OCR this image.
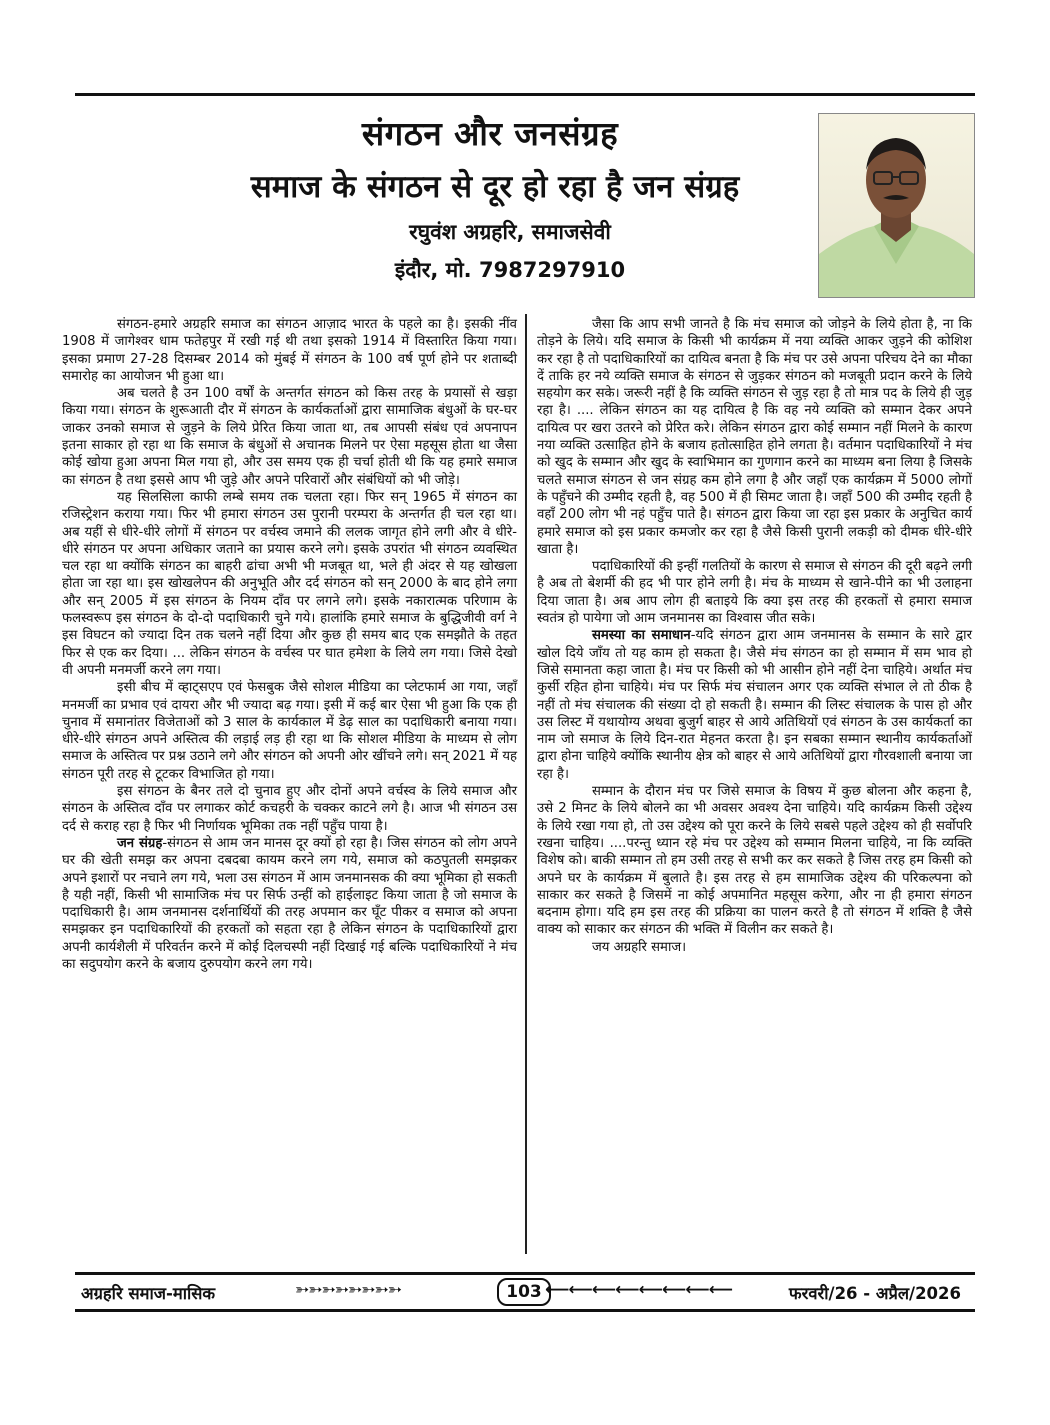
संगठन और जनसंग्रह
समाज के संगठन से दूर हो रहा है जन संग्रह
रघुवंश अग्रहरि, समाजसेवी
इंदौर, मो. 7987297910

संगठन-हमारे अग्रहरि समाज का संगठन आज़ाद भारत के पहले का है। इसकी नींव 1908 में जागेश्वर धाम फतेहपुर में रखी गई थी तथा इसको 1914 में विस्तारित किया गया। इसका प्रमाण 27-28 दिसम्बर 2014 को मुंबई में संगठन के 100 वर्ष पूर्ण होने पर शताब्दी समारोह का आयोजन भी हुआ था।

अब चलते है उन 100 वर्षों के अन्तर्गत संगठन को किस तरह के प्रयासों से खड़ा किया गया। संगठन के शुरूआती दौर में संगठन के कार्यकर्ताओं द्वारा सामाजिक बंधुओं के घर-घर जाकर उनको समाज से जुड़ने के लिये प्रेरित किया जाता था, तब आपसी संबंध एवं अपनापन इतना साकार हो रहा था कि समाज के बंधुओं से अचानक मिलने पर ऐसा महसूस होता था जैसा कोई खोया हुआ अपना मिल गया हो, और उस समय एक ही चर्चा होती थी कि यह हमारे समाज का संगठन है तथा इससे आप भी जुड़े और अपने परिवारों और संबंधियों को भी जोड़े।

यह सिलसिला काफी लम्बे समय तक चलता रहा। फिर सन् 1965 में संगठन का रजिस्ट्रेशन कराया गया। फिर भी हमारा संगठन उस पुरानी परम्परा के अन्तर्गत ही चल रहा था। अब यहीं से धीरे-धीरे लोगों में संगठन पर वर्चस्व जमाने की ललक जागृत होने लगी और वे धीरे-धीरे संगठन पर अपना अधिकार जताने का प्रयास करने लगे। इसके उपरांत भी संगठन व्यवस्थित चल रहा था क्योंकि संगठन का बाहरी ढांचा अभी भी मजबूत था, भले ही अंदर से यह खोखला होता जा रहा था। इस खोखलेपन की अनुभूति और दर्द संगठन को सन् 2000 के बाद होने लगा और सन् 2005 में इस संगठन के नियम दाँव पर लगने लगे। इसके नकारात्मक परिणाम के फलस्वरूप इस संगठन के दो-दो पदाधिकारी चुने गये। हालांकि हमारे समाज के बुद्धिजीवी वर्ग ने इस विघटन को ज्यादा दिन तक चलने नहीं दिया और कुछ ही समय बाद एक समझौते के तहत फिर से एक कर दिया। ... लेकिन संगठन के वर्चस्व पर घात हमेशा के लिये लग गया। जिसे देखो वी अपनी मनमर्जी करने लग गया।

इसी बीच में व्हाट्सएप एवं फेसबुक जैसे सोशल मीडिया का प्लेटफार्म आ गया, जहाँ मनमर्जी का प्रभाव एवं दायरा और भी ज्यादा बढ़ गया। इसी में कई बार ऐसा भी हुआ कि एक ही चुनाव में समानांतर विजेताओं को 3 साल के कार्यकाल में डेढ़ साल का पदाधिकारी बनाया गया। धीरे-धीरे संगठन अपने अस्तित्व की लड़ाई लड़ ही रहा था कि सोशल मीडिया के माध्यम से लोग समाज के अस्तित्व पर प्रश्न उठाने लगे और संगठन को अपनी ओर खींचने लगे। सन् 2021 में यह संगठन पूरी तरह से टूटकर विभाजित हो गया।

इस संगठन के बैनर तले दो चुनाव हुए और दोनों अपने वर्चस्व के लिये समाज और संगठन के अस्तित्व दाँव पर लगाकर कोर्ट कचहरी के चक्कर काटने लगे है। आज भी संगठन उस दर्द से कराह रहा है फिर भी निर्णायक भूमिका तक नहीं पहुँच पाया है।

जन संग्रह-संगठन से आम जन मानस दूर क्यों हो रहा है। जिस संगठन को लोग अपने घर की खेती समझ कर अपना दबदबा कायम करने लग गये, समाज को कठपुतली समझकर अपने इशारों पर नचाने लग गये, भला उस संगठन में आम जनमानसक की क्या भूमिका हो सकती है यही नहीं, किसी भी सामाजिक मंच पर सिर्फ उन्हीं को हाईलाइट किया जाता है जो समाज के पदाधिकारी है। आम जनमानस दर्शनार्थियों की तरह अपमान कर घूँट पीकर व समाज को अपना समझकर इन पदाधिकारियों की हरकतों को सहता रहा है लेकिन संगठन के पदाधिकारियों द्वारा अपनी कार्यशैली में परिवर्तन करने में कोई दिलचस्पी नहीं दिखाई गई बल्कि पदाधिकारियों ने मंच का सदुपयोग करने के बजाय दुरुपयोग करने लग गये।

जैसा कि आप सभी जानते है कि मंच समाज को जोड़ने के लिये होता है, ना कि तोड़ने के लिये। यदि समाज के किसी भी कार्यक्रम में नया व्यक्ति आकर जुड़ने की कोशिश कर रहा है तो पदाधिकारियों का दायित्व बनता है कि मंच पर उसे अपना परिचय देने का मौका दें ताकि हर नये व्यक्ति समाज के संगठन से जुड़कर संगठन को मजबूती प्रदान करने के लिये सहयोग कर सके। जरूरी नहीं है कि व्यक्ति संगठन से जुड़ रहा है तो मात्र पद के लिये ही जुड़ रहा है। .... लेकिन संगठन का यह दायित्व है कि वह नये व्यक्ति को सम्मान देकर अपने दायित्व पर खरा उतरने को प्रेरित करे। लेकिन संगठन द्वारा कोई सम्मान नहीं मिलने के कारण नया व्यक्ति उत्साहित होने के बजाय हतोत्साहित होने लगता है। वर्तमान पदाधिकारियों ने मंच को खुद के सम्मान और खुद के स्वाभिमान का गुणगान करने का माध्यम बना लिया है जिसके चलते समाज संगठन से जन संग्रह कम होने लगा है और जहाँ एक कार्यक्रम में 5000 लोगों के पहुँचने की उम्मीद रहती है, वह 500 में ही सिमट जाता है। जहाँ 500 की उम्मीद रहती है वहाँ 200 लोग भी नहं पहुँच पाते है। संगठन द्वारा किया जा रहा इस प्रकार के अनुचित कार्य हमारे समाज को इस प्रकार कमजोर कर रहा है जैसे किसी पुरानी लकड़ी को दीमक धीरे-धीरे खाता है।

पदाधिकारियों की इन्हीं गलतियों के कारण से समाज से संगठन की दूरी बढ़ने लगी है अब तो बेशर्मी की हद भी पार होने लगी है। मंच के माध्यम से खाने-पीने का भी उलाहना दिया जाता है। अब आप लोग ही बताइये कि क्या इस तरह की हरकतों से हमारा समाज स्वतंत्र हो पायेगा जो आम जनमानस का विश्वास जीत सके।

समस्या का समाधान-यदि संगठन द्वारा आम जनमानस के सम्मान के सारे द्वार खोल दिये जाँय तो यह काम हो सकता है। जैसे मंच संगठन का हो सम्मान में सम भाव हो जिसे समानता कहा जाता है। मंच पर किसी को भी आसीन होने नहीं देना चाहिये। अर्थात मंच कुर्सी रहित होना चाहिये। मंच पर सिर्फ मंच संचालन अगर एक व्यक्ति संभाल ले तो ठीक है नहीं तो मंच संचालक की संख्या दो हो सकती है। सम्मान की लिस्ट संचालक के पास हो और उस लिस्ट में यथायोग्य अथवा बुजुर्ग बाहर से आये अतिथियों एवं संगठन के उस कार्यकर्ता का नाम जो समाज के लिये दिन-रात मेहनत करता है। इन सबका सम्मान स्थानीय कार्यकर्ताओं द्वारा होना चाहिये क्योंकि स्थानीय क्षेत्र को बाहर से आये अतिथियों द्वारा गौरवशाली बनाया जा रहा है।

सम्मान के दौरान मंच पर जिसे समाज के विषय में कुछ बोलना और कहना है, उसे 2 मिनट के लिये बोलने का भी अवसर अवश्य देना चाहिये। यदि कार्यक्रम किसी उद्देश्य के लिये रखा गया हो, तो उस उद्देश्य को पूरा करने के लिये सबसे पहले उद्देश्य को ही सर्वोपरि रखना चाहिय। ....परन्तु ध्यान रहे मंच पर उद्देश्य को सम्मान मिलना चाहिये, ना कि व्यक्ति विशेष को। बाकी सम्मान तो हम उसी तरह से सभी कर कर सकते है जिस तरह हम किसी को अपने घर के कार्यक्रम में बुलाते है। इस तरह से हम सामाजिक उद्देश्य की परिकल्पना को साकार कर सकते है जिसमें ना कोई अपमानित महसूस करेगा, और ना ही हमारा संगठन बदनाम होगा। यदि हम इस तरह की प्रक्रिया का पालन करते है तो संगठन में शक्ति है जैसे वाक्य को साकार कर संगठन की भक्ति में विलीन कर सकते है।

जय अग्रहरि समाज।

अग्रहरि समाज-मासिक	➳➳➳➳➳➳➳➳	103 ⟵⟵⟵⟵⟵⟵⟵⟵	फरवरी/26 - अप्रैल/2026
